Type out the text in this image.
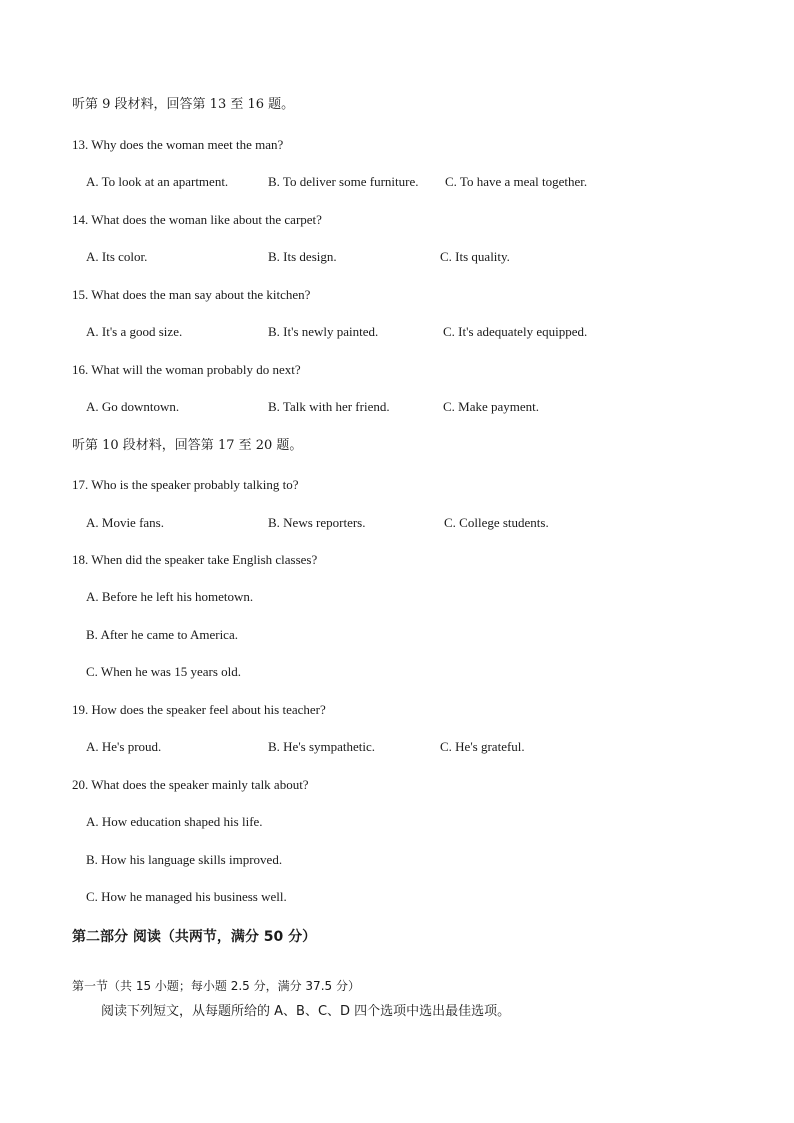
听第 9 段材料，回答第 13 至 16 题。
13. Why does the woman meet the man?
A. To look at an apartment.	B. To deliver some furniture. C. To have a meal together.
14. What does the woman like about the carpet?
A. Its color.	B. Its design.	C. Its quality.
15. What does the man say about the kitchen?
A. It's a good size.	B. It's newly painted.	C. It's adequately equipped.
16. What will the woman probably do next?
A. Go downtown.	B. Talk with her friend.	C. Make payment.
听第 10 段材料，回答第 17 至 20 题。
17. Who is the speaker probably talking to?
A. Movie fans.	B. News reporters.	C. College students.
18. When did the speaker take English classes?
A. Before he left his hometown.
B. After he came to America.
C. When he was 15 years old.
19. How does the speaker feel about his teacher?
A. He's proud.	B. He's sympathetic.	C. He's grateful.
20. What does the speaker mainly talk about?
A. How education shaped his life.
B. How his language skills improved.
C. How he managed his business well.
第二部分 阅读（共两节，满分 50 分）
第一节（共 15 小题；每小题 2.5 分，满分 37.5 分）
阅读下列短文，从每题所给的 A、B、C、D 四个选项中选出最佳选项。
